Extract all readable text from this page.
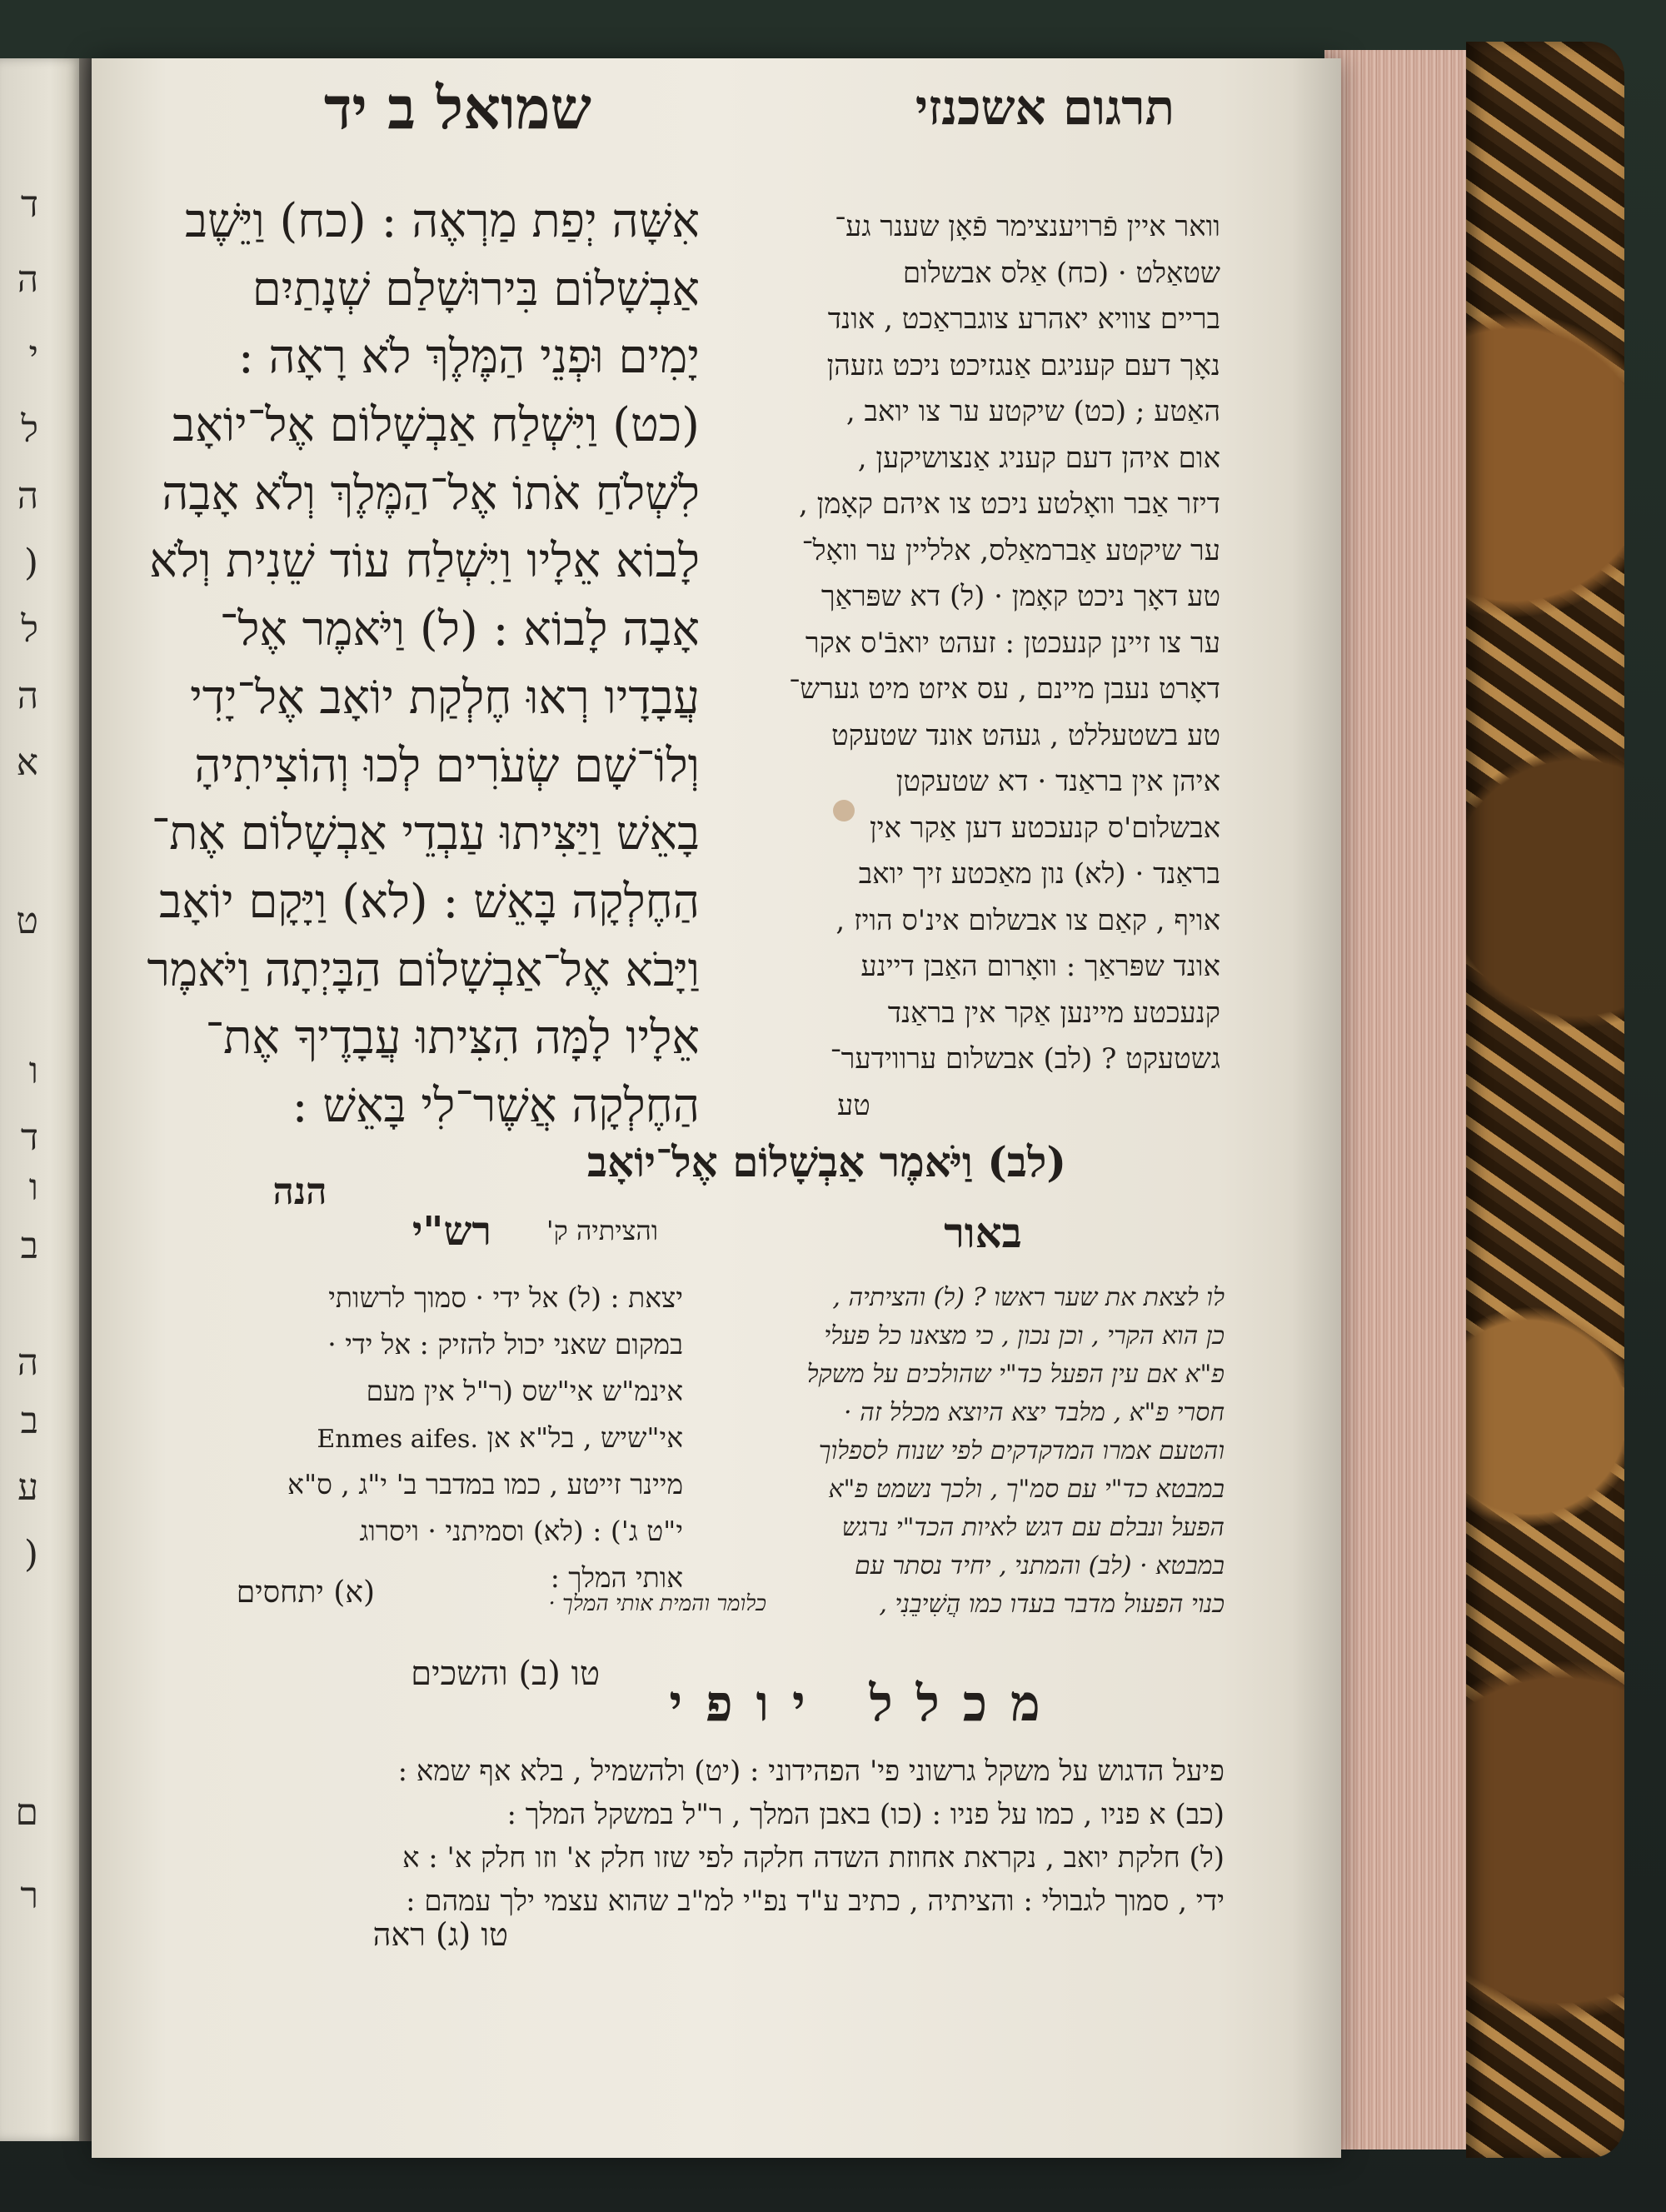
ד
ה
י
ל
ה
(
ל
ה
א
ט
ו
ד
ו
ב
ה
ב
ע
(
ם
ר
תרגום אשכנזי
שמואל ב יד
אִשָּׁה יְפַת מַרְאֶה : (כח) וַיֵּשֶׁב
אַבְשָׁלוֹם בִּירוּשָׁלַם שְׁנָתַיִם
יָמִים וּפְנֵי הַמֶּלֶךְ לֹא רָאָה :
(כט) וַיִּשְׁלַח אַבְשָׁלוֹם אֶל־יוֹאָב
לִשְׁלֹחַ אֹתוֹ אֶל־הַמֶּלֶךְ וְלֹא אָבָה
לָבוֹא אֵלָיו וַיִּשְׁלַח עוֹד שֵׁנִית וְלֹא
אָבָה לָבוֹא : (ל) וַיֹּאמֶר אֶל־
עֲבָדָיו רְאוּ חֶלְקַת יוֹאָב אֶל־יָדִי
וְלוֹ־שָׁם שְׂעֹרִים לְכוּ וְהוֹצִיתִיהָ
בָאֵשׁ וַיַּצִּיתוּ עַבְדֵי אַבְשָׁלוֹם אֶת־
הַחֶלְקָה בָּאֵשׁ : (לא) וַיָּקָם יוֹאָב
וַיָּבֹא אֶל־אַבְשָׁלוֹם הַבָּיְתָה וַיֹּאמֶר
אֵלָיו לָמָּה הִצִּיתוּ עֲבָדֶיךָ אֶת־
הַחֶלְקָה אֲשֶׁר־לִי בָּאֵשׁ :
וואר איין פֿרויענצימר פֿאָן שענר גע־
שטאַלט · (כח) אַלס אבשלום
בריים צוויא יאהרע צוגבראַכט , אונד
נאָך דעם קעניגם אַנגזיכט ניכט גזעהן
האַטע ; (כט) שיקטע ער צו יואב ,
אום איהן דעם קעניג אַנצושיקען ,
דיזר אַבר וואָלטע ניכט צו איהם קאָמן ,
ער שיקטע אַברמאַלס, אלליין ער וואָל־
טע דאָך ניכט קאָמן · (ל) דא שפּראַך
ער צו זיינן קנעכטן : זעהט יואבֿ'ס אקר
דאָרט נעבן מיינם , עס איזט מיט גערש־
טע בשטעללט , געהט אונד שטעקט
איהן אין בראַנד · דא שטעקטן
אבשלום'ס קנעכטע דען אַקר אין
בראַנד · (לא) נון מאַכטע זיך יואב
אויף , קאַם צו אבשלום אינ'ס הויז ,
אונד שפּראַך : וואָרום האַבן דיינע
קנעכטע מיינען אַקר אין בראַנד
גשטעקט ? (לב) אבשלום ערווידער־
טע
(לב) וַיֹּאמֶר אַבְשָׁלוֹם אֶל־יוֹאָב
הנה
והציתיה ק'
רש"י	באור
יצאת : (ל) אל ידי · סמוך לרשותי
במקום שאני יכול להזיק : אל ידי ·
אינמ"ש אי"שס (ר"ל אין מעם
אי"שיש , בל"א אן Enmes aifes.
מיינר זייטע , כמו במדבר ב' י"ג , ס"א
י"ט ג') : (לא) וסמיתני · ויסרוג
אותי המלך :
לו לצאת את שער ראשו ? (ל) והציתיה ,
כן הוא הקרי , וכן נכון , כי מצאנו כל פעלי
פ"א אם עין הפעל כד"י שהולכים על משקל
חסרי פ"א , מלבד יצא היוצא מכלל זה ·
והטעם אמרו המדקדקים לפי שנוח לספלוך
במבטא כד"י עם סמ"ך , ולכך נשמט פ"א
הפעל ונבלם עם דגש לאיות הכד"י נרגש
במבטא · (לב) והמתני , יחיד נסתר עם
כנוי הפעול מדבר בעדו כמו הֲשִׁיבֵנִי ,
(א) יתחסים	כלומר והמית אותי המלך ·
טו (ב) והשכים
מכלל יופי
פיעל הדגוש על משקל גרשוני פי' הפהידוני : (יט) ולהשמיל , בלא אף שמא :
(כב) א פניו , כמו על פניו : (כו) באבן המלך , ר"ל במשקל המלך :
(ל) חלקת יואב , נקראת אחוזת השדה חלקה לפי שזו חלק א' וזו חלק א' : א
ידי , סמוך לגבולי : והציתיה , כתיב ע"ד נפ"י למ"ב שהוא עצמי ילך עמהם :
טו (ג) ראה
